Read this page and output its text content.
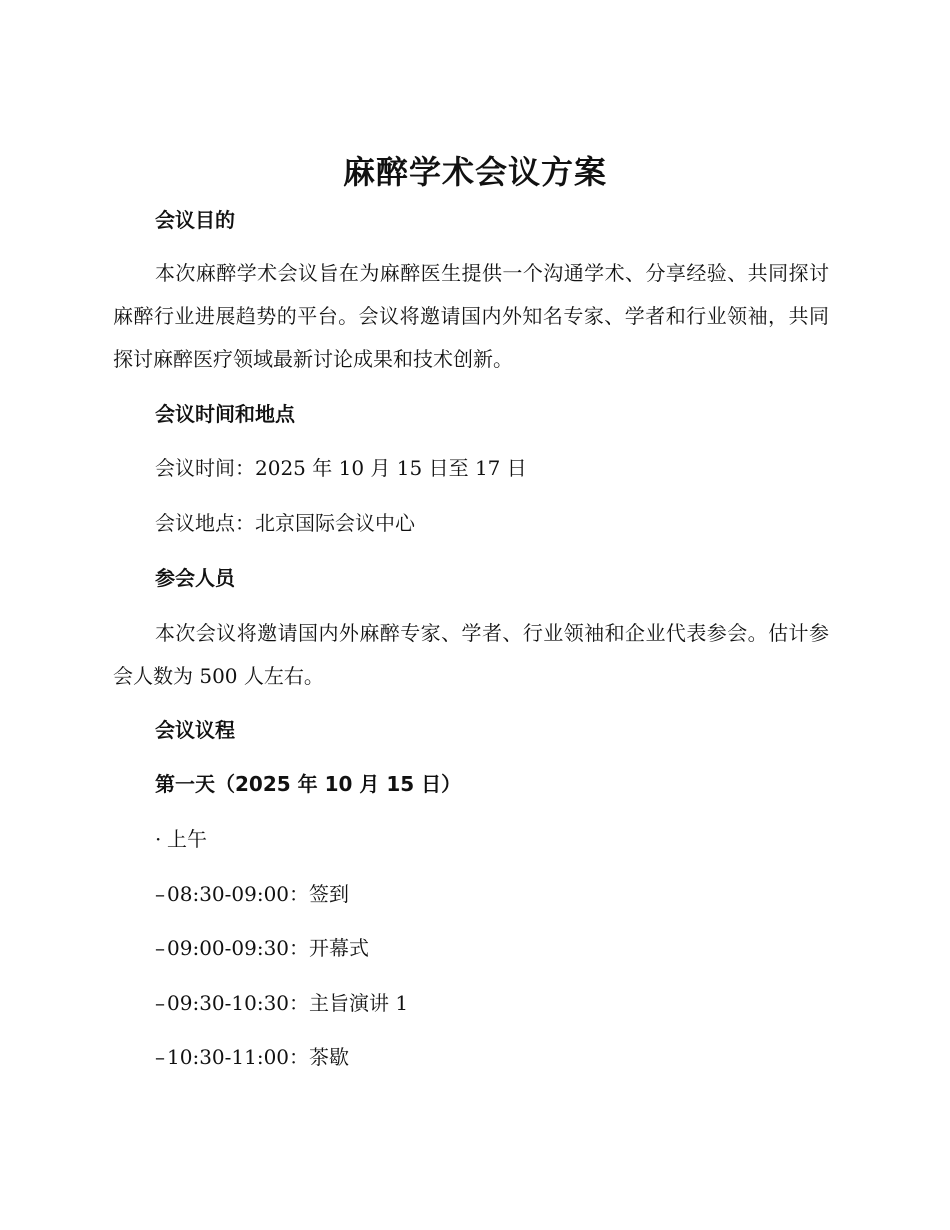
麻醉学术会议方案
会议目的
本次麻醉学术会议旨在为麻醉医生提供一个沟通学术、分享经验、共同探讨麻醉行业进展趋势的平台。会议将邀请国内外知名专家、学者和行业领袖，共同探讨麻醉医疗领域最新讨论成果和技术创新。
会议时间和地点
会议时间：2025 年 10 月 15 日至 17 日
会议地点：北京国际会议中心
参会人员
本次会议将邀请国内外麻醉专家、学者、行业领袖和企业代表参会。估计参会人数为 500 人左右。
会议议程
第一天（2025 年 10 月 15 日）
· 上午
– 08:30-09:00：签到
– 09:00-09:30：开幕式
– 09:30-10:30：主旨演讲 1
– 10:30-11:00：茶歇
